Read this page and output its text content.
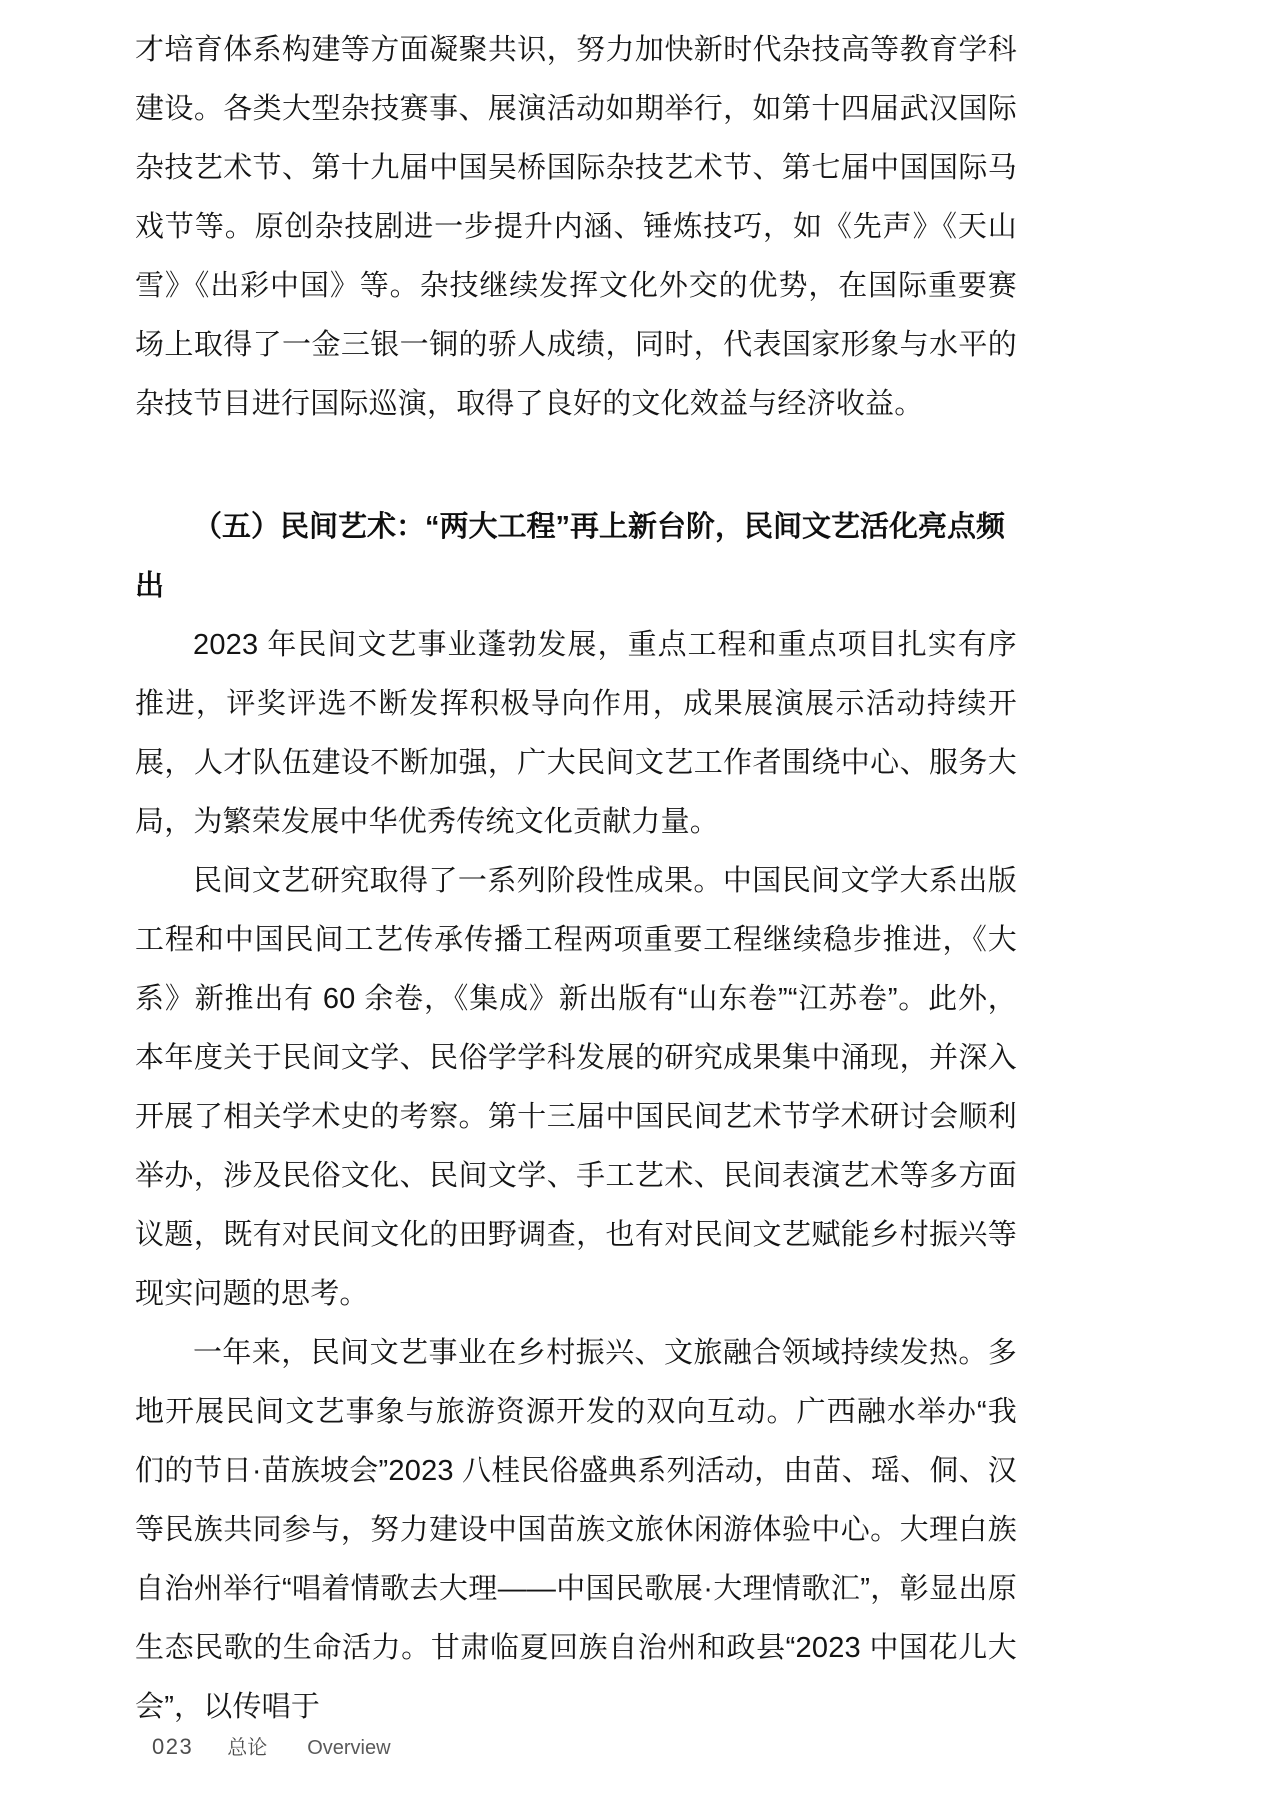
才培育体系构建等方面凝聚共识，努力加快新时代杂技高等教育学科建设。各类大型杂技赛事、展演活动如期举行，如第十四届武汉国际杂技艺术节、第十九届中国吴桥国际杂技艺术节、第七届中国国际马戏节等。原创杂技剧进一步提升内涵、锤炼技巧，如《先声》《天山雪》《出彩中国》等。杂技继续发挥文化外交的优势，在国际重要赛场上取得了一金三银一铜的骄人成绩，同时，代表国家形象与水平的杂技节目进行国际巡演，取得了良好的文化效益与经济收益。

（五）民间艺术：“两大工程”再上新台阶，民间文艺活化亮点频出

2023 年民间文艺事业蓬勃发展，重点工程和重点项目扎实有序推进，评奖评选不断发挥积极导向作用，成果展演展示活动持续开展，人才队伍建设不断加强，广大民间文艺工作者围绕中心、服务大局，为繁荣发展中华优秀传统文化贡献力量。

民间文艺研究取得了一系列阶段性成果。中国民间文学大系出版工程和中国民间工艺传承传播工程两项重要工程继续稳步推进，《大系》新推出有 60 余卷，《集成》新出版有“山东卷”“江苏卷”。此外，本年度关于民间文学、民俗学学科发展的研究成果集中涌现，并深入开展了相关学术史的考察。第十三届中国民间艺术节学术研讨会顺利举办，涉及民俗文化、民间文学、手工艺术、民间表演艺术等多方面议题，既有对民间文化的田野调查，也有对民间文艺赋能乡村振兴等现实问题的思考。

一年来，民间文艺事业在乡村振兴、文旅融合领域持续发热。多地开展民间文艺事象与旅游资源开发的双向互动。广西融水举办“我们的节日·苗族坡会”2023 八桂民俗盛典系列活动，由苗、瑶、侗、汉等民族共同参与，努力建设中国苗族文旅休闲游体验中心。大理白族自治州举行“唱着情歌去大理——中国民歌展·大理情歌汇”，彰显出原生态民歌的生命活力。甘肃临夏回族自治州和政县“2023 中国花儿大会”，以传唱于

023 总论 Overview
